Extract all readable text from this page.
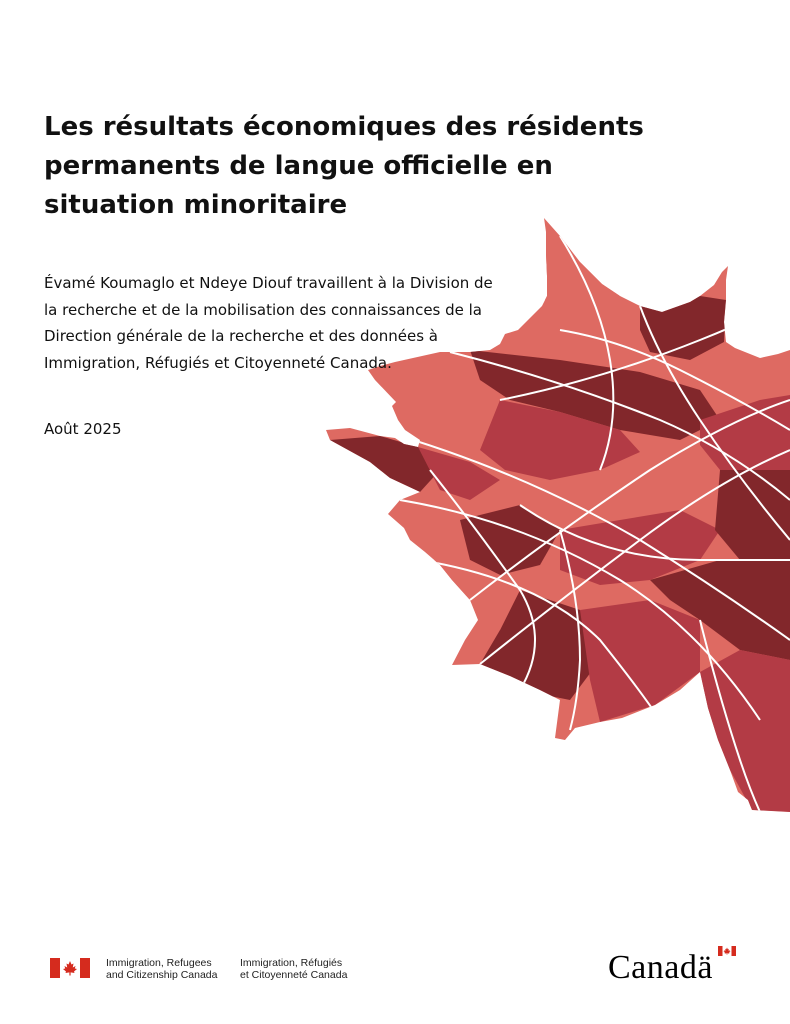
Les résultats économiques des résidents permanents de langue officielle en situation minoritaire

Évamé Koumaglo et Ndeye Diouf travaillent à la Division de la recherche et de la mobilisation des connaissances de la Direction générale de la recherche et des données à Immigration, Réfugiés et Citoyenneté Canada.

Août 2025

Immigration, Refugees
and Citizenship Canada
Immigration, Réfugiés
et Citoyenneté Canada	Canadä
